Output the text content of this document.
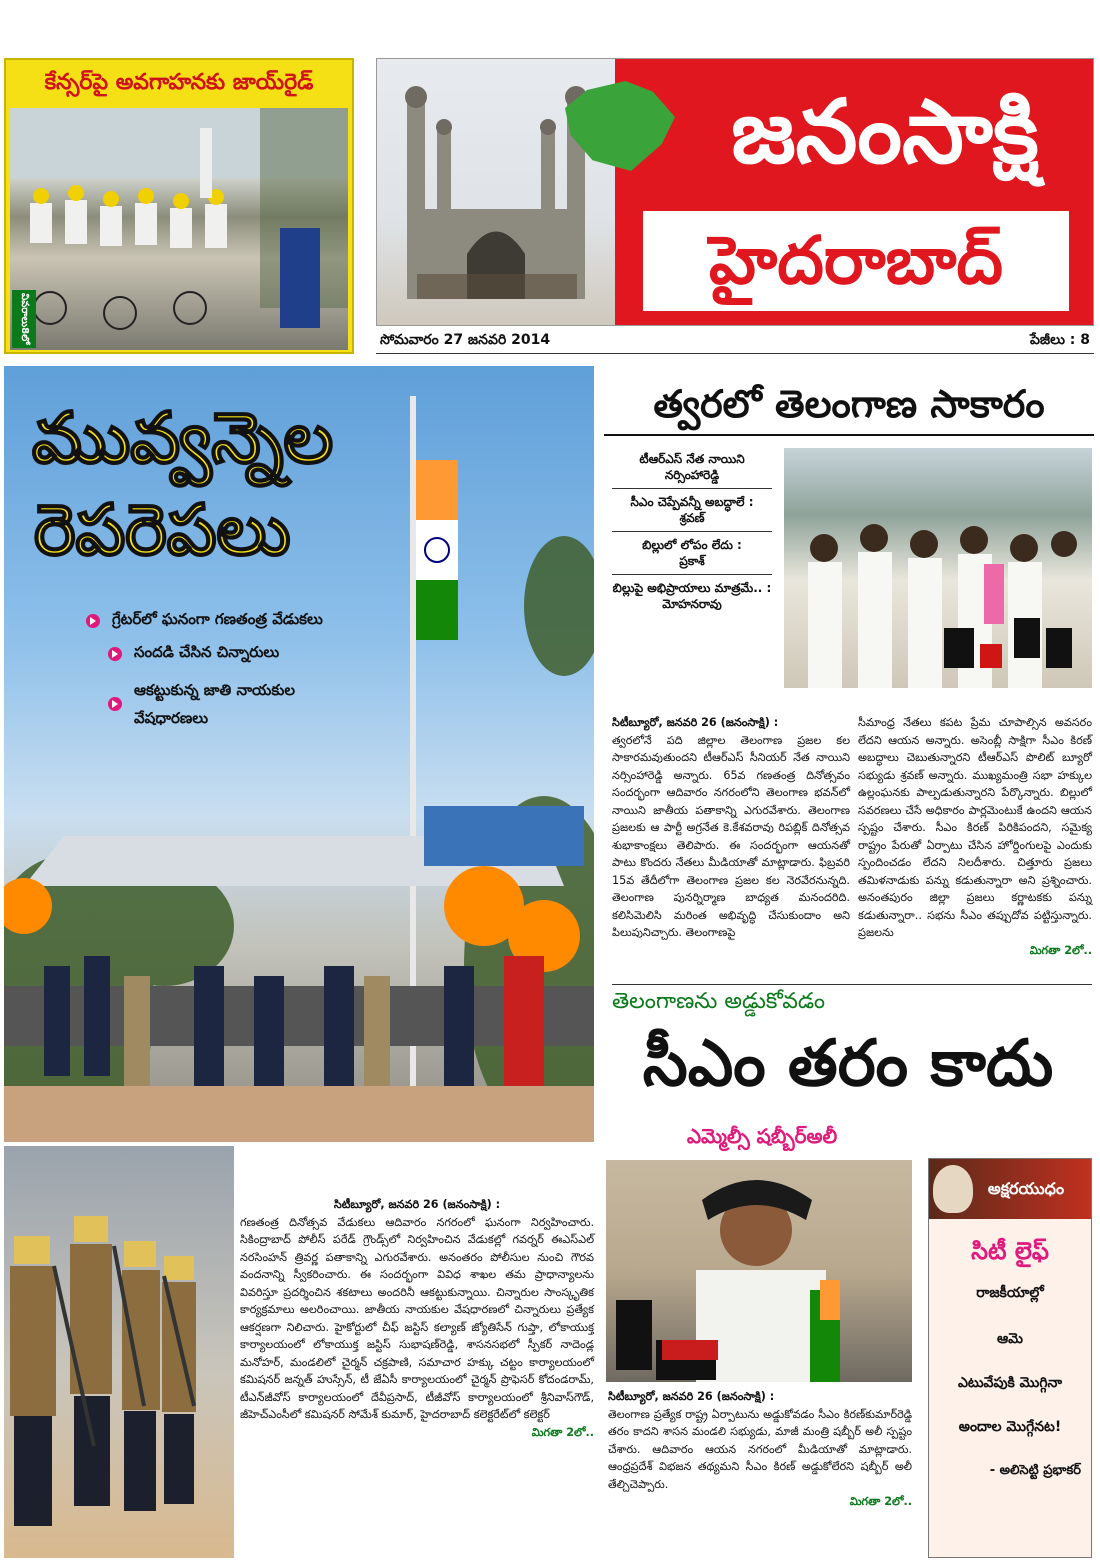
కేన్సర్‌పై అవగాహనకు జాయ్‌రైడ్‌
వివరాలు8లో
జనంసాక్షి
హైదరాబాద్‌
సోమవారం 27 జనవరి 2014	పేజీలు : 8
మువ్వన్నెల
రెపరెపలు
గ్రేటర్‌లో ఘనంగా గణతంత్ర వేడుకలు
సందడి చేసిన చిన్నారులు
ఆకట్టుకున్న జాతి నాయకుల వేషధారణలు

సిటీబ్యూరో, జనవరి 26 (జనంసాక్షి) :

గణతంత్ర దినోత్సవ వేడుకలు ఆదివారం నగరంలో ఘనంగా నిర్వహించారు. సికింద్రాబాద్‌ పోలీస్‌ పరేడ్‌ గ్రౌండ్స్‌లో నిర్వహించిన వేడుకల్లో గవర్నర్‌ ఈఎస్‌ఎల్‌ నరసింహన్‌ త్రివర్ణ పతాకాన్ని ఎగురవేశారు. అనంతరం పోలీసుల నుంచి గౌరవ వందనాన్ని స్వీకరించారు. ఈ సందర్భంగా వివిధ శాఖల తమ ప్రాధాన్యాలను వివరిస్తూ ప్రదర్శించిన శకటాలు అందరినీ ఆకట్టుకున్నాయి. చిన్నారుల సాంస్కృతిక కార్యక్రమాలు అలరించాయి. జాతీయ నాయకుల వేషధారణలో చిన్నారులు ప్రత్యేక ఆకర్షణగా నిలిచారు. హైకోర్టులో చీఫ్‌ జస్టిస్‌ కల్యాణ్‌ జ్యోతిసేన్‌ గుప్తా, లోకాయుక్త కార్యాలయంలో లోకాయుక్త జస్టిస్‌ సుభాషణ్‌రెడ్డి, శాసనసభలో స్పీకర్‌ నాదెండ్ల మనోహర్‌, మండలిలో చైర్మన్‌ చక్రపాణి, సమాచార హక్కు చట్టం కార్యాలయంలో కమిషనర్‌ జన్నత్‌ హుస్సేన్‌, టీ జేఏసీ కార్యాలయంలో చైర్మన్‌ ప్రొఫెసర్‌ కోదండరామ్‌, టీఎన్‌జీవోస్‌ కార్యాలయంలో దేవీప్రసాద్‌, టీజీవోస్‌ కార్యాలయంలో శ్రీనివాస్‌గౌడ్‌, జీహెచ్‌ఎంసీలో కమిషనర్‌ సోమేశ్‌ కుమార్‌, హైదరాబాద్‌ కలెక్టరేట్‌లో కలెక్టర్‌

మిగతా 2లో..

త్వరలో తెలంగాణ సాకారం
టీఆర్‌ఎస్‌ నేత నాయిని నర్సింహారెడ్డి
సీఎం చెప్పేవన్నీ అబద్ధాలే :
శ్రవణ్‌
బిల్లులో లోపం లేదు :
ప్రకాశ్‌
బిల్లుపై అభిప్రాయాలు మాత్రమే.. : మోహనరావు

సిటీబ్యూరో, జనవరి 26 (జనంసాక్షి) :

త్వరలోనే పది జిల్లాల తెలంగాణ ప్రజల కల సాకారమవుతుందని టీఆర్‌ఎస్‌ సీనియర్‌ నేత నాయిని నర్సింహారెడ్డి అన్నారు. 65వ గణతంత్ర దినోత్సవం సందర్భంగా ఆదివారం నగరంలోని తెలంగాణ భవన్‌లో నాయిని జాతీయ పతాకాన్ని ఎగురవేశారు. తెలంగాణ ప్రజలకు ఆ పార్టీ అగ్రనేత కె.కేశవరావు రిపబ్లిక్‌ దినోత్సవ శుభాకాంక్షలు తెలిపారు. ఈ సందర్భంగా ఆయనతో పాటు కొందరు నేతలు మీడియాతో మాట్లాడారు. ఫిబ్రవరి 15వ తేదీలోగా తెలంగాణ ప్రజల కల నెరవేరనున్నది. తెలంగాణ పునర్నిర్మాణ బాధ్యత మనందరిది. కలిసిమెలిసి మరింత అభివృద్ధి చేసుకుందాం అని పిలుపునిచ్చారు. తెలంగాణపై

సీమాంధ్ర నేతలు కపట ప్రేమ చూపాల్సిన అవసరం లేదని ఆయన అన్నారు. అసెంబ్లీ సాక్షిగా సీఎం కిరణ్‌ అబద్ధాలు చెబుతున్నారని టీఆర్‌ఎస్‌ పొలిట్‌ బ్యూరో సభ్యుడు శ్రవణ్‌ అన్నారు. ముఖ్యమంత్రి సభా హక్కుల ఉల్లంఘనకు పాల్పడుతున్నారని పేర్కొన్నారు. బిల్లులో సవరణలు చేసే అధికారం పార్లమెంటుకే ఉందని ఆయన స్పష్టం చేశారు. సీఎం కిరణ్‌ పిరికిపందని, సమైక్య రాష్ట్రం పేరుతో ఏర్పాటు చేసిన హోర్డింగులపై ఎందుకు స్పందించడం లేదని నిలదీశారు. చిత్తూరు ప్రజలు తమిళనాడుకు పన్ను కడుతున్నారా అని ప్రశ్నించారు. అనంతపురం జిల్లా ప్రజలు కర్ణాటకకు పన్ను కడుతున్నారా.. సభను సీఎం తప్పుదోవ పట్టిస్తున్నారు. ప్రజలను

మిగతా 2లో..

తెలంగాణను అడ్డుకోవడం
సీఎం తరం కాదు
ఎమ్మెల్సీ షబ్బీర్‌అలీ

సిటీబ్యూరో, జనవరి 26 (జనంసాక్షి) :

తెలంగాణ ప్రత్యేక రాష్ట్ర ఏర్పాటును అడ్డుకోవడం సీఎం కిరణ్‌కుమార్‌రెడ్డి తరం కాదని శాసన మండలి సభ్యుడు, మాజీ మంత్రి షబ్బీర్‌ అలీ స్పష్టం చేశారు. ఆదివారం ఆయన నగరంలో మీడియాతో మాట్లాడారు. ఆంధ్రప్రదేశ్‌ విభజన తథ్యమని సీఎం కిరణ్‌ అడ్డుకోలేరని షబ్బీర్‌ అలీ తేల్చిచెప్పారు.

మిగతా 2లో..

అక్షరయుధం
సిటీ లైఫ్‌
రాజకీయాల్లో
ఆమె
ఎటువేపుకి మొగ్గినా
అందాల మొగ్గేనట!
- అలిసెట్టి ప్రభాకర్‌
